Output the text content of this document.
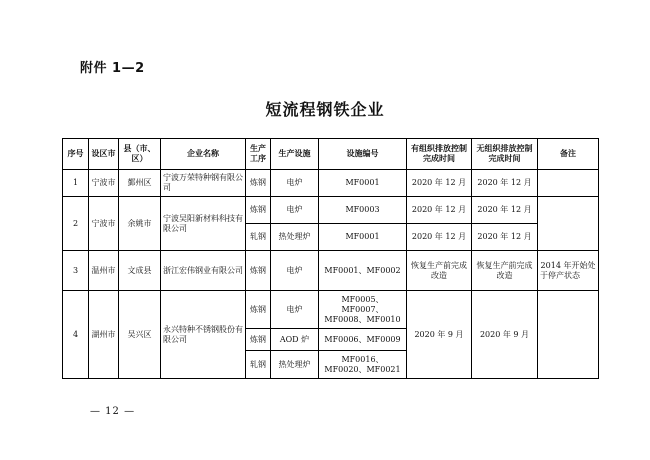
附件 1—2
短流程钢铁企业
序号	设区市	县（市、区）	企业名称	生产工序	生产设施	设施编号	有组织排放控制完成时间	无组织排放控制完成时间	备注
1	宁波市	鄞州区	宁波万荣特种钢有限公司	炼钢	电炉	MF0001	2020 年 12 月	2020 年 12 月	
2	宁波市	余姚市	宁波吴阳新材料科技有限公司	炼钢	电炉	MF0003	2020 年 12 月	2020 年 12 月	
				轧钢	热处理炉	MF0001	2020 年 12 月	2020 年 12 月	
3	温州市	文成县	浙江宏伟钢业有限公司	炼钢	电炉	MF0001、MF0002	恢复生产前完成改造	恢复生产前完成改造	2014 年开始处于停产状态
4	湖州市	吴兴区	永兴特种不锈钢股份有限公司	炼钢	电炉	MF0005、MF0007、MF0008、MF0010	2020 年 9 月	2020 年 9 月	
				炼钢	AOD 炉	MF0006、MF0009			
				轧钢	热处理炉	MF0016、MF0020、MF0021			
— 12 —
